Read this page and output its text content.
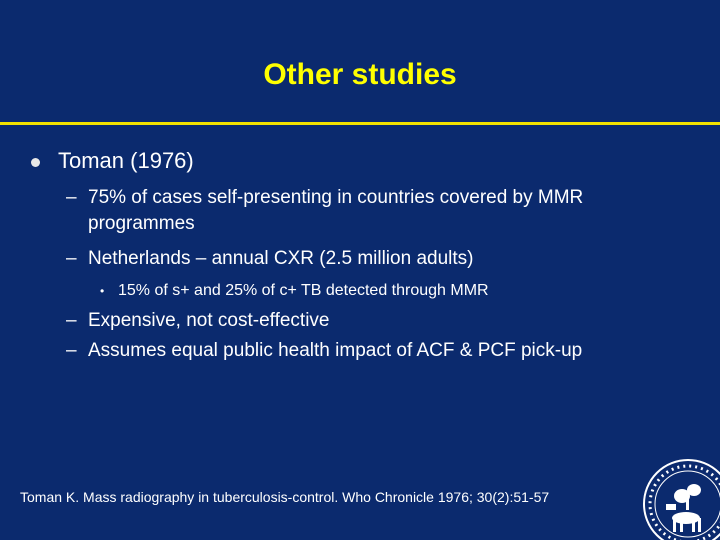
Other studies
Toman (1976)
– 75% of cases self-presenting in countries covered by MMR
programmes
– Netherlands – annual CXR (2.5 million adults)
• 15% of s+ and 25% of c+ TB detected through MMR
– Expensive, not cost-effective
– Assumes equal public health impact of ACF & PCF pick-up
Toman K. Mass radiography in tuberculosis-control. Who Chronicle 1976; 30(2):51-57
